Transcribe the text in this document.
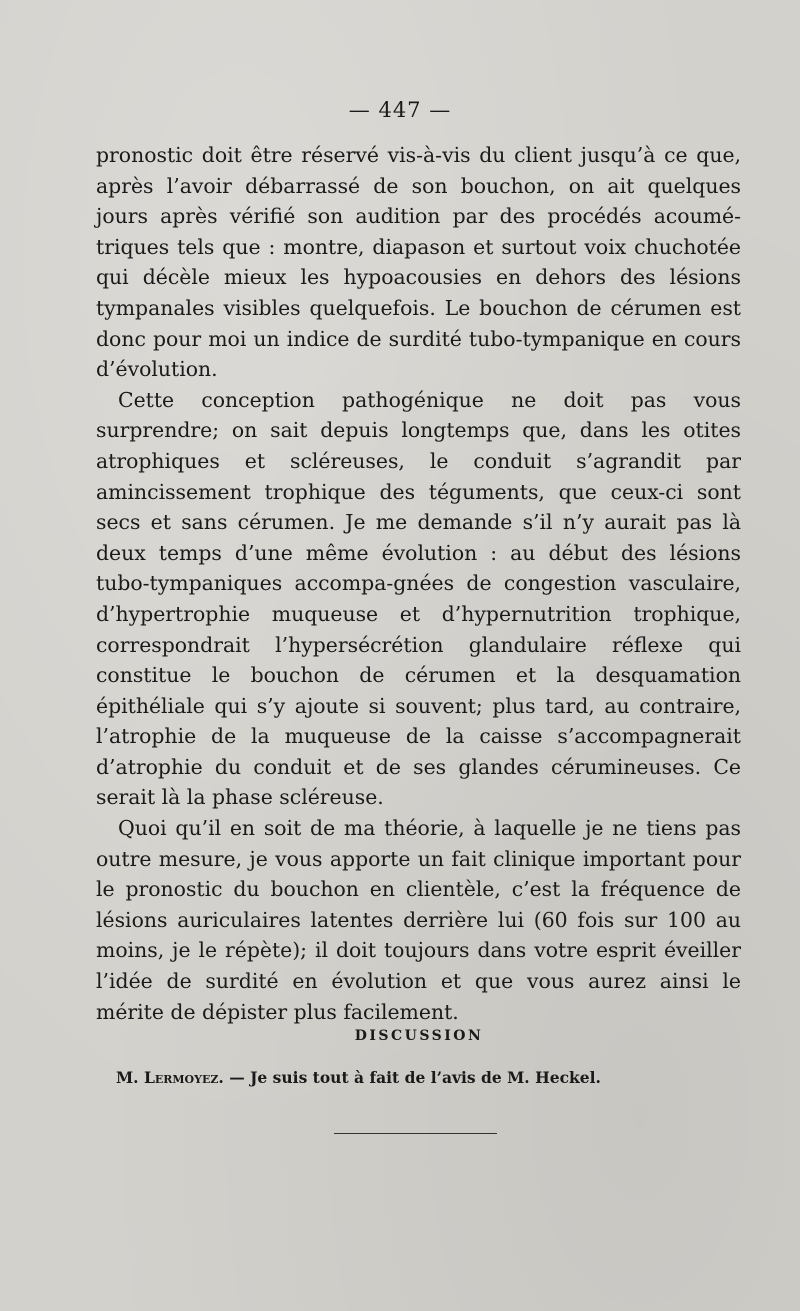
— 447 —

pronostic doit être réservé vis-à-vis du client jusqu’à ce que, après l’avoir débarrassé de son bouchon, on ait quelques jours après vérifié son audition par des procédés acoumé-triques tels que : montre, diapason et surtout voix chuchotée qui décèle mieux les hypoacousies en dehors des lésions tympanales visibles quelquefois. Le bouchon de cérumen est donc pour moi un indice de surdité tubo-tympanique en cours d’évolution.

Cette conception pathogénique ne doit pas vous surprendre; on sait depuis longtemps que, dans les otites atrophiques et scléreuses, le conduit s’agrandit par amincissement trophique des téguments, que ceux-ci sont secs et sans cérumen. Je me demande s’il n’y aurait pas là deux temps d’une même évolution : au début des lésions tubo-tympaniques accompa-gnées de congestion vasculaire, d’hypertrophie muqueuse et d’hypernutrition trophique, correspondrait l’hypersécrétion glandulaire réflexe qui constitue le bouchon de cérumen et la desquamation épithéliale qui s’y ajoute si souvent; plus tard, au contraire, l’atrophie de la muqueuse de la caisse s’accompagnerait d’atrophie du conduit et de ses glandes cérumineuses. Ce serait là la phase scléreuse.

Quoi qu’il en soit de ma théorie, à laquelle je ne tiens pas outre mesure, je vous apporte un fait clinique important pour le pronostic du bouchon en clientèle, c’est la fréquence de lésions auriculaires latentes derrière lui (60 fois sur 100 au moins, je le répète); il doit toujours dans votre esprit éveiller l’idée de surdité en évolution et que vous aurez ainsi le mérite de dépister plus facilement.

DISCUSSION
M. Lermoyez. — Je suis tout à fait de l’avis de M. Heckel.
